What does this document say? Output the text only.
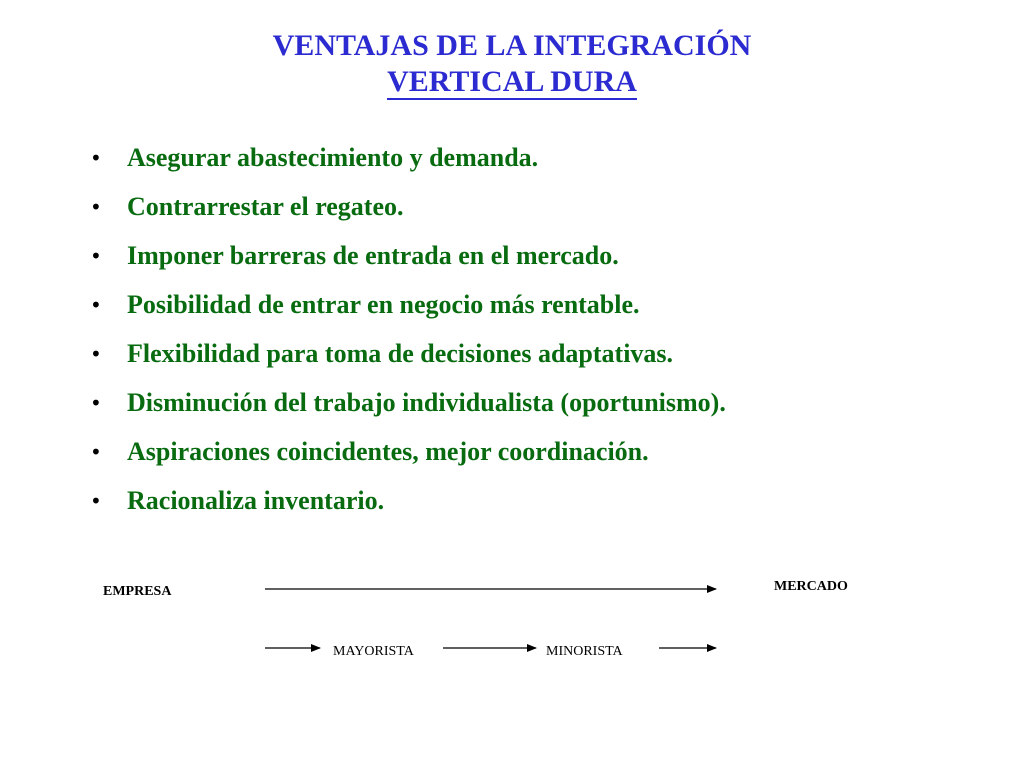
VENTAJAS DE LA INTEGRACIÓN
VERTICAL DURA
• Asegurar abastecimiento y demanda.
• Contrarrestar el regateo.
• Imponer barreras de entrada en el mercado.
• Posibilidad de entrar en negocio más rentable.
• Flexibilidad para toma de decisiones adaptativas.
• Disminución del trabajo individualista (oportunismo).
• Aspiraciones coincidentes, mejor coordinación.
• Racionaliza inventario.
EMPRESA	MERCADO
MAYORISTA	MINORISTA
